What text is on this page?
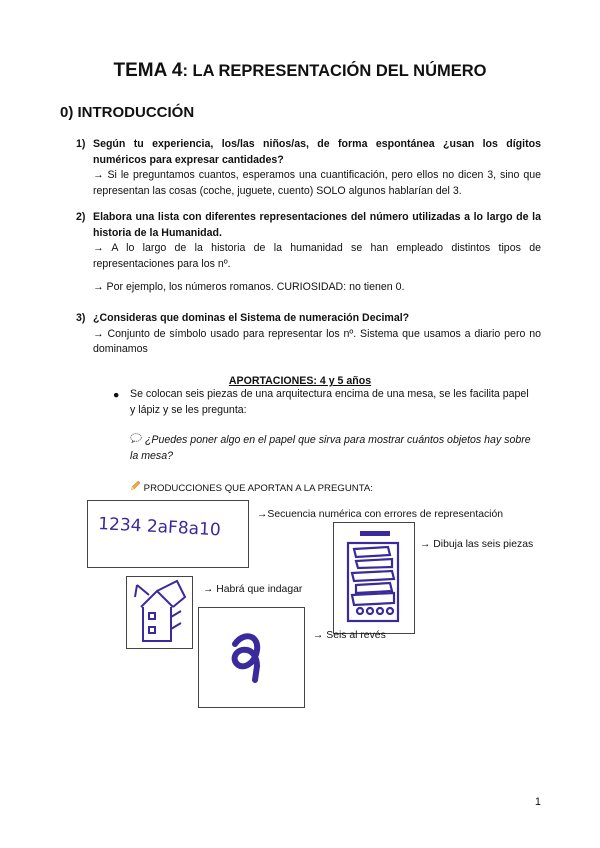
TEMA 4: LA REPRESENTACIÓN DEL NÚMERO
0) INTRODUCCIÓN
1) Según tu experiencia, los/las niños/as, de forma espontánea ¿usan los dígitos numéricos para expresar cantidades?
→ Si le preguntamos cuantos, esperamos una cuantificación, pero ellos no dicen 3, sino que representan las cosas (coche, juguete, cuento) SOLO algunos hablarían del 3.
2) Elabora una lista con diferentes representaciones del número utilizadas a lo largo de la historia de la Humanidad.
→ A lo largo de la historia de la humanidad se han empleado distintos tipos de representaciones para los nº.
→ Por ejemplo, los números romanos. CURIOSIDAD: no tienen 0.
3) ¿Consideras que dominas el Sistema de numeración Decimal?
→ Conjunto de símbolo usado para representar los nº. Sistema que usamos a diario pero no dominamos
APORTACIONES: 4 y 5 años
● Se colocan seis piezas de una arquitectura encima de una mesa, se les facilita papel y lápiz y se les pregunta:
¿Puedes poner algo en el papel que sirva para mostrar cuántos objetos hay sobre la mesa?
PRODUCCIONES QUE APORTAN A LA PREGUNTA:
1234 2aF8a10	→Secuencia numérica con errores de representación
→ Dibuja las seis piezas
→ Habrá que indagar
→ Seis al revés
1
